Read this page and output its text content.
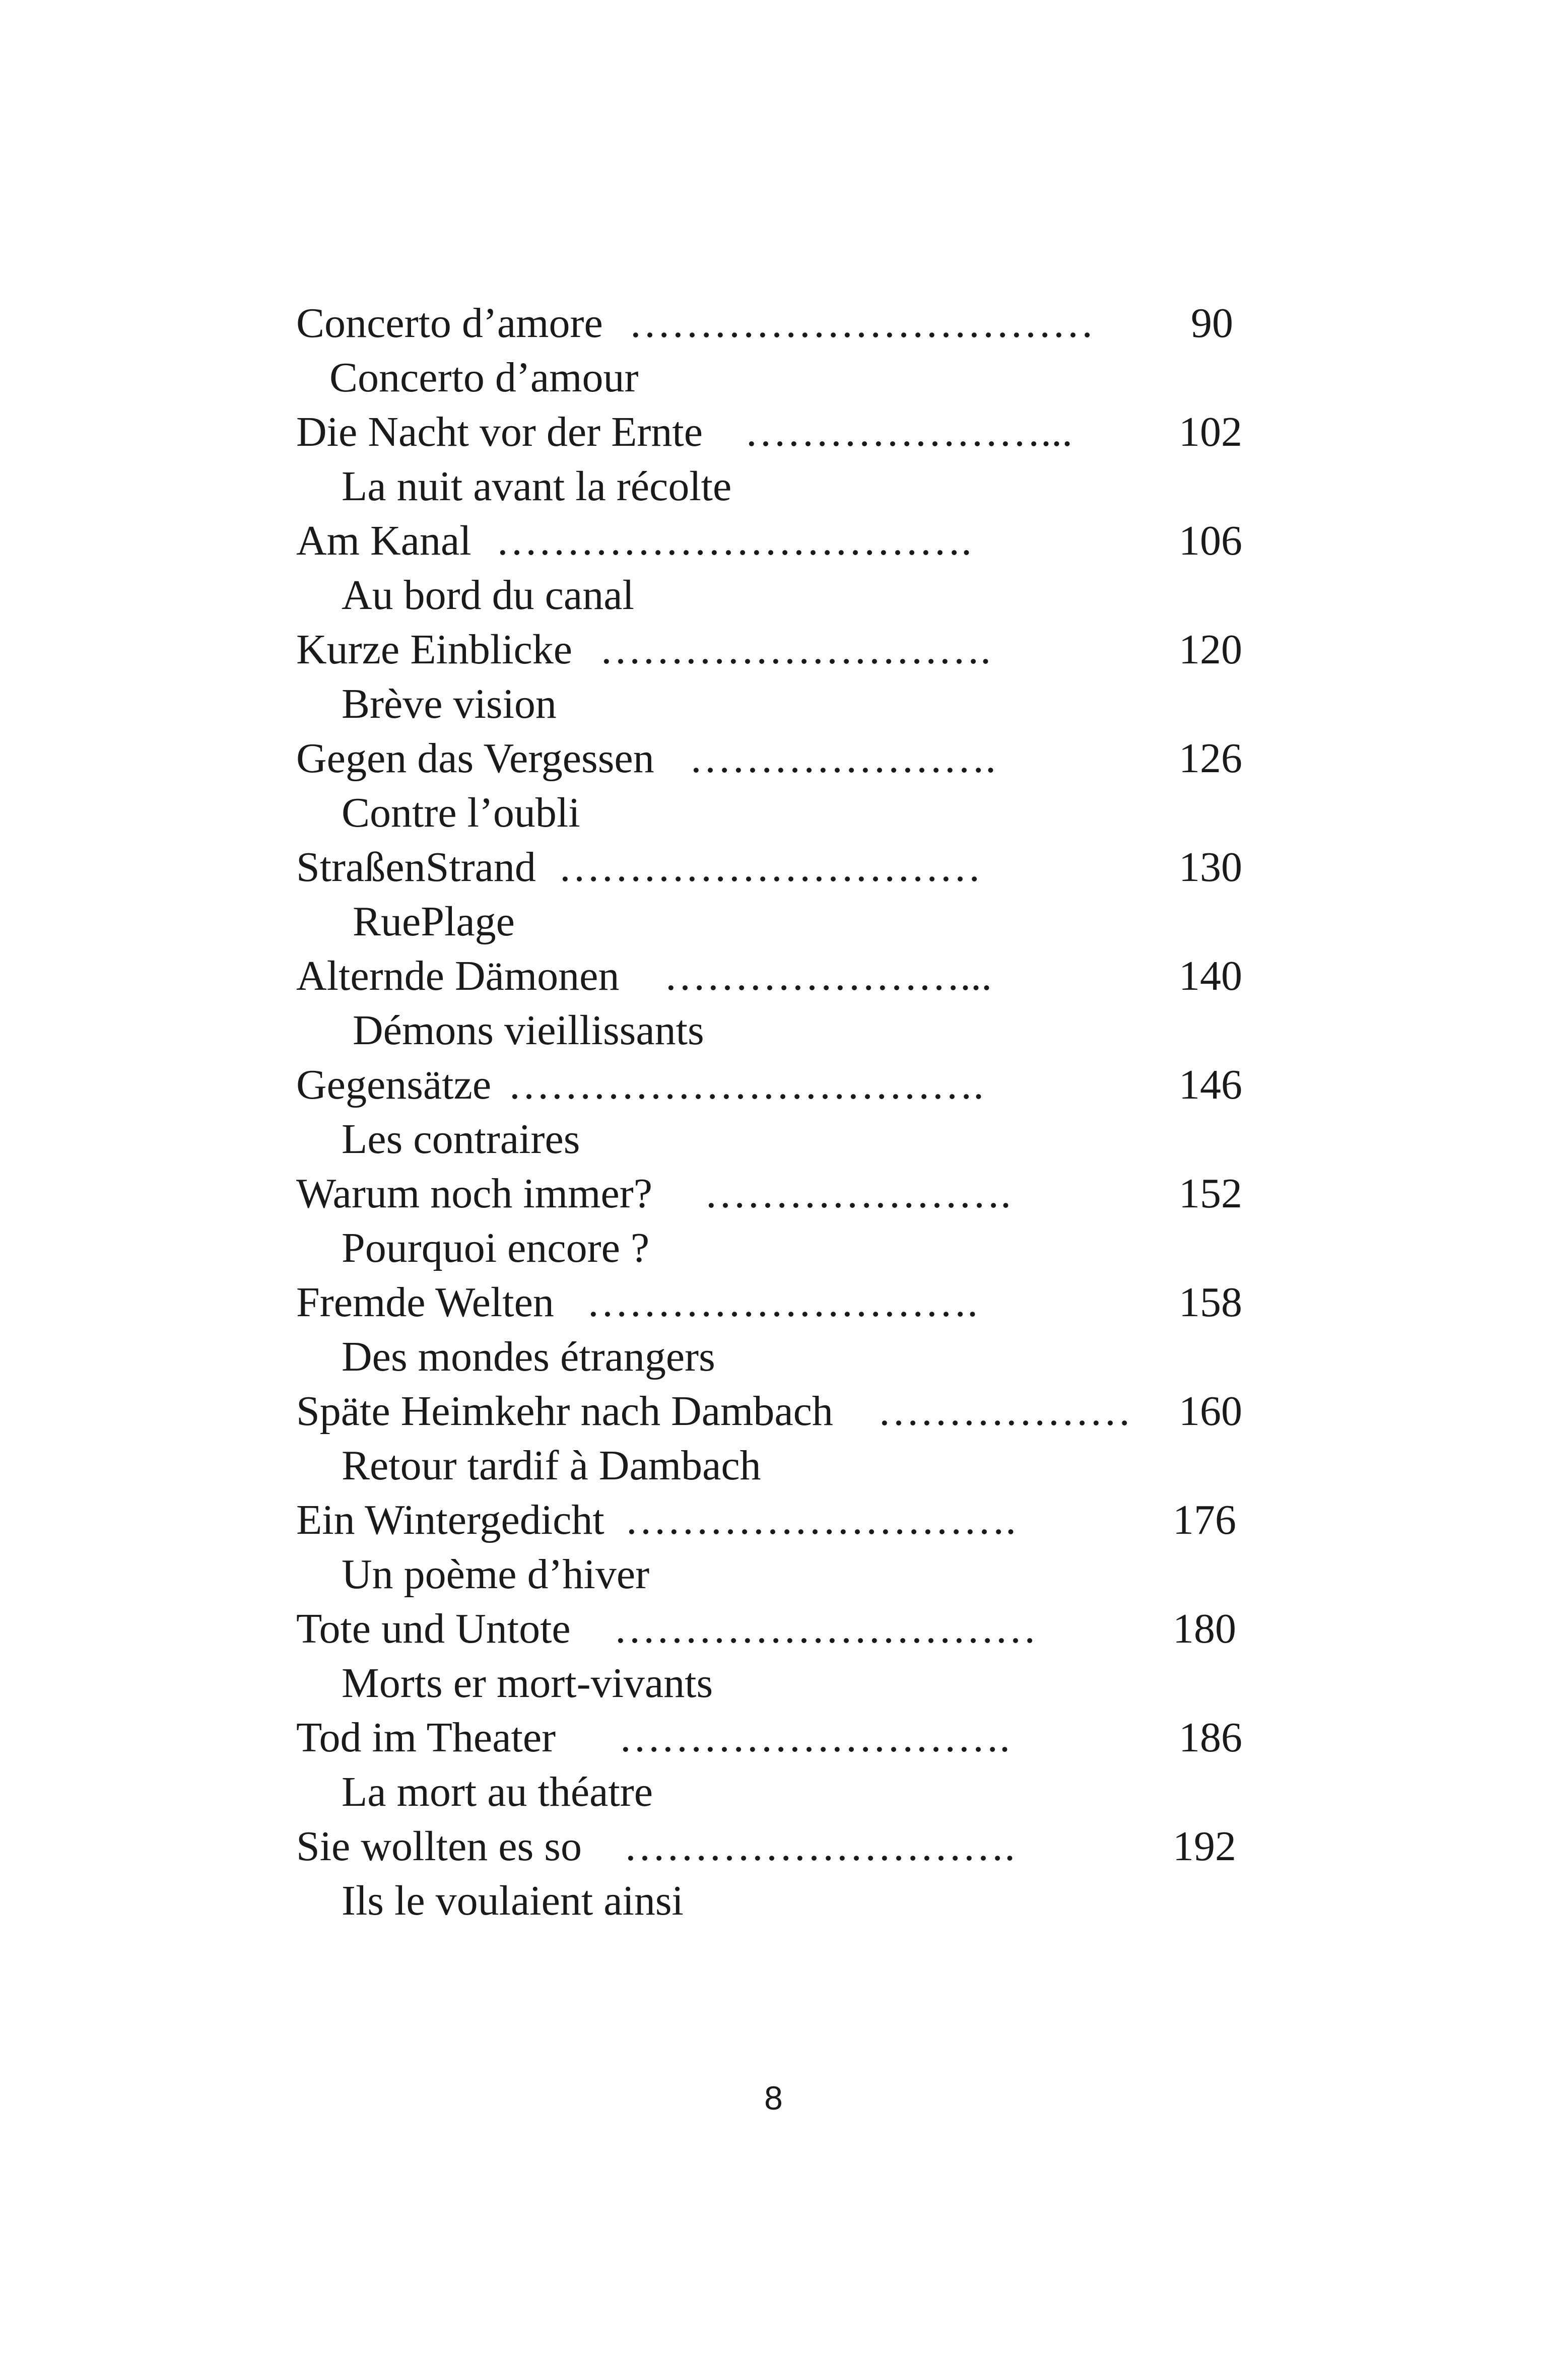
Concerto d’amore …………………………… 90
Concerto d’amour
Die Nacht vor der Ernte …………………...	102
La nuit avant la récolte
Am Kanal …………………………….	106
Au bord du canal
Kurze Einblicke ……………………….	120
Brève vision
Gegen das Vergessen ………………….	126
Contre l’oubli
StraßenStrand …………………………	130
RuePlage
Alternde Dämonen …………………...	140
Démons vieillissants
Gegensätze …………………………….	146
Les contraires
Warum noch immer? ………………….	152
Pourquoi encore ?
Fremde Welten ……………………….	158
Des mondes étrangers
Späte Heimkehr nach Dambach ……………… 160
Retour tardif à Dambach
Ein Wintergedicht ……………………….	176
Un poème d’hiver
Tote und Untote …………………………	180
Morts er mort-vivants
Tod im Theater ……………………….	186
La mort au théatre
Sie wollten es so ……………………….	192
Ils le voulaient ainsi
8
